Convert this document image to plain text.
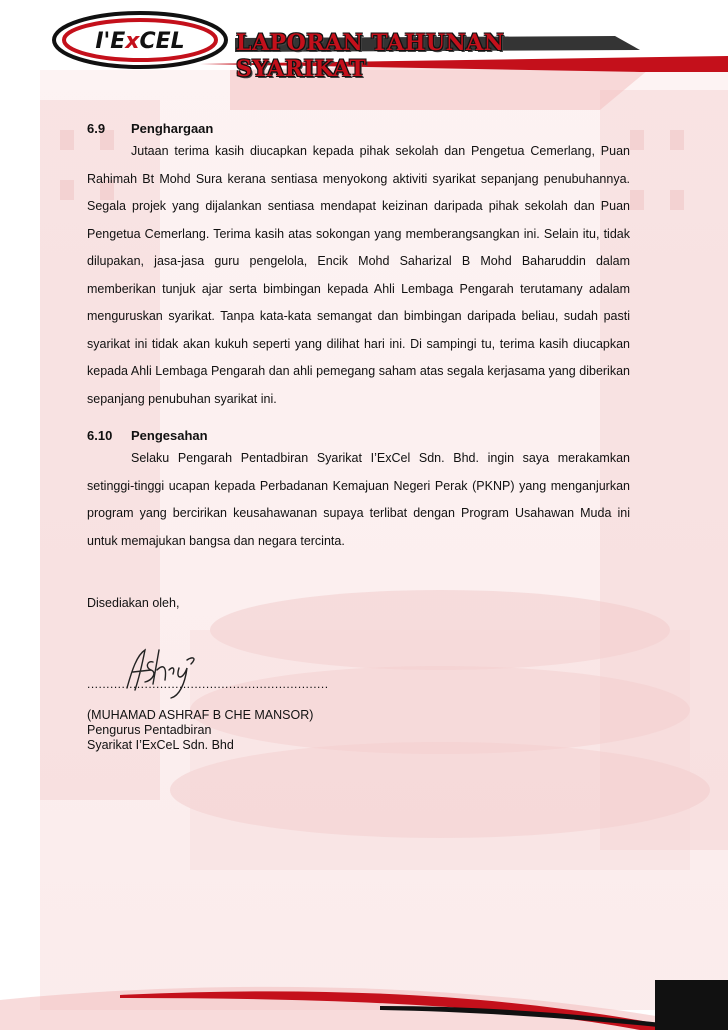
I'ExCEL LAPORAN TAHUNAN SYARIKAT
6.9	Penghargaan

Jutaan terima kasih diucapkan kepada pihak sekolah dan Pengetua Cemerlang, Puan Rahimah Bt Mohd Sura kerana sentiasa menyokong aktiviti syarikat sepanjang penubuhannya. Segala projek yang dijalankan sentiasa mendapat keizinan daripada pihak sekolah dan Puan Pengetua Cemerlang. Terima kasih atas sokongan yang memberangsangkan ini. Selain itu, tidak dilupakan, jasa-jasa guru pengelola, Encik Mohd Saharizal B Mohd Baharuddin dalam memberikan tunjuk ajar serta bimbingan kepada Ahli Lembaga Pengarah terutamany adalam menguruskan syarikat. Tanpa kata-kata semangat dan bimbingan daripada beliau, sudah pasti syarikat ini tidak akan kukuh seperti yang dilihat hari ini. Di sampingi tu, terima kasih diucapkan kepada Ahli Lembaga Pengarah dan ahli pemegang saham atas segala kerjasama yang diberikan sepanjang penubuhan syarikat ini.

6.10	Pengesahan

Selaku Pengarah Pentadbiran Syarikat I’ExCel Sdn. Bhd. ingin saya merakamkan setinggi-tinggi ucapan kepada Perbadanan Kemajuan Negeri Perak (PKNP) yang menganjurkan program yang bercirikan keusahawanan supaya terlibat dengan Program Usahawan Muda ini untuk memajukan bangsa dan negara tercinta.

Disediakan oleh,
...............................................................
(MUHAMAD ASHRAF B CHE MANSOR)
Pengurus Pentadbiran
Syarikat I’ExCeL Sdn. Bhd
